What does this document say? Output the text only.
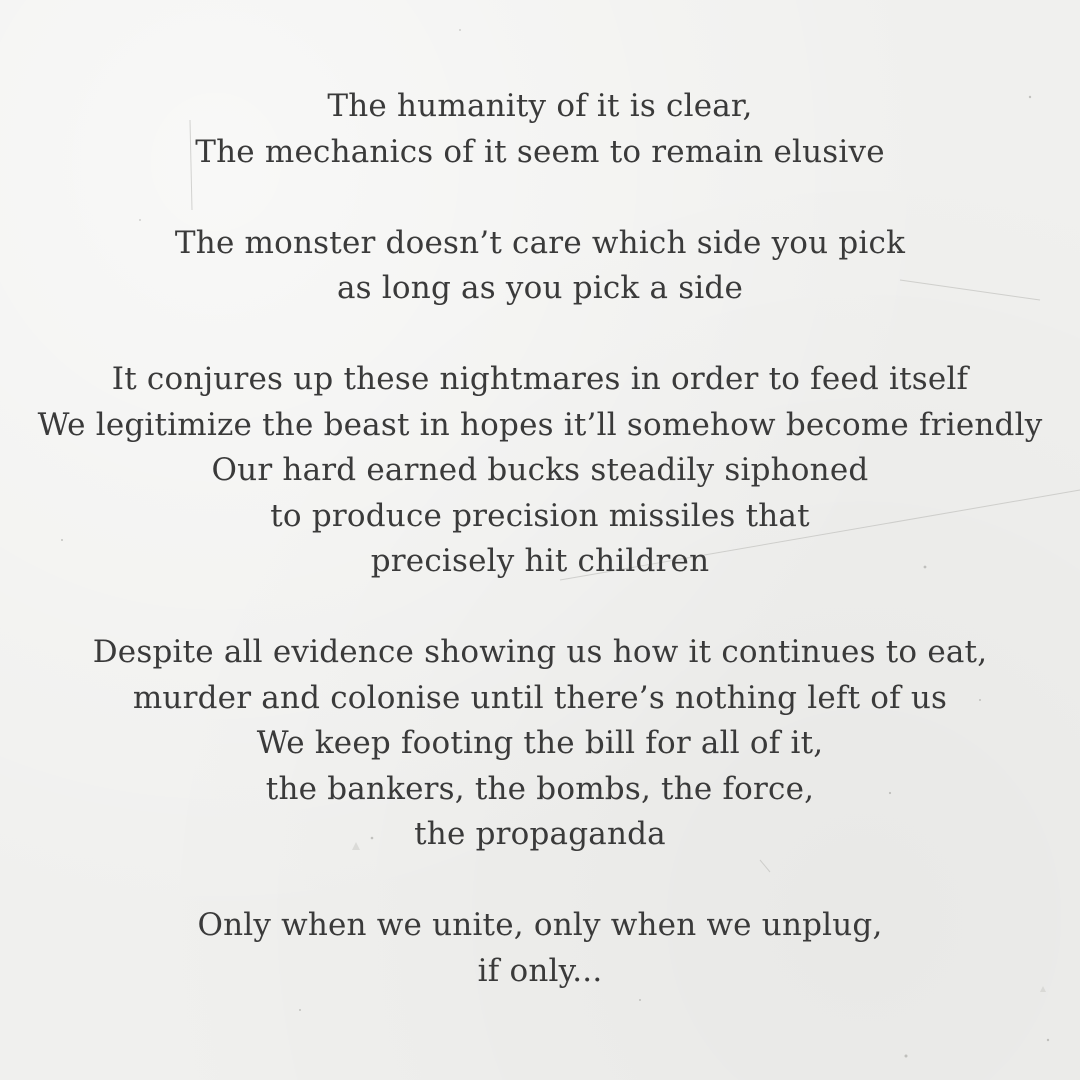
The humanity of it is clear,
The mechanics of it seem to remain elusive
The monster doesn’t care which side you pick
as long as you pick a side
It conjures up these nightmares in order to feed itself
We legitimize the beast in hopes it’ll somehow become friendly
Our hard earned bucks steadily siphoned
to produce precision missiles that
precisely hit children
Despite all evidence showing us how it continues to eat,
murder and colonise until there’s nothing left of us
We keep footing the bill for all of it,
the bankers, the bombs, the force,
the propaganda
Only when we unite, only when we unplug,
if only...
